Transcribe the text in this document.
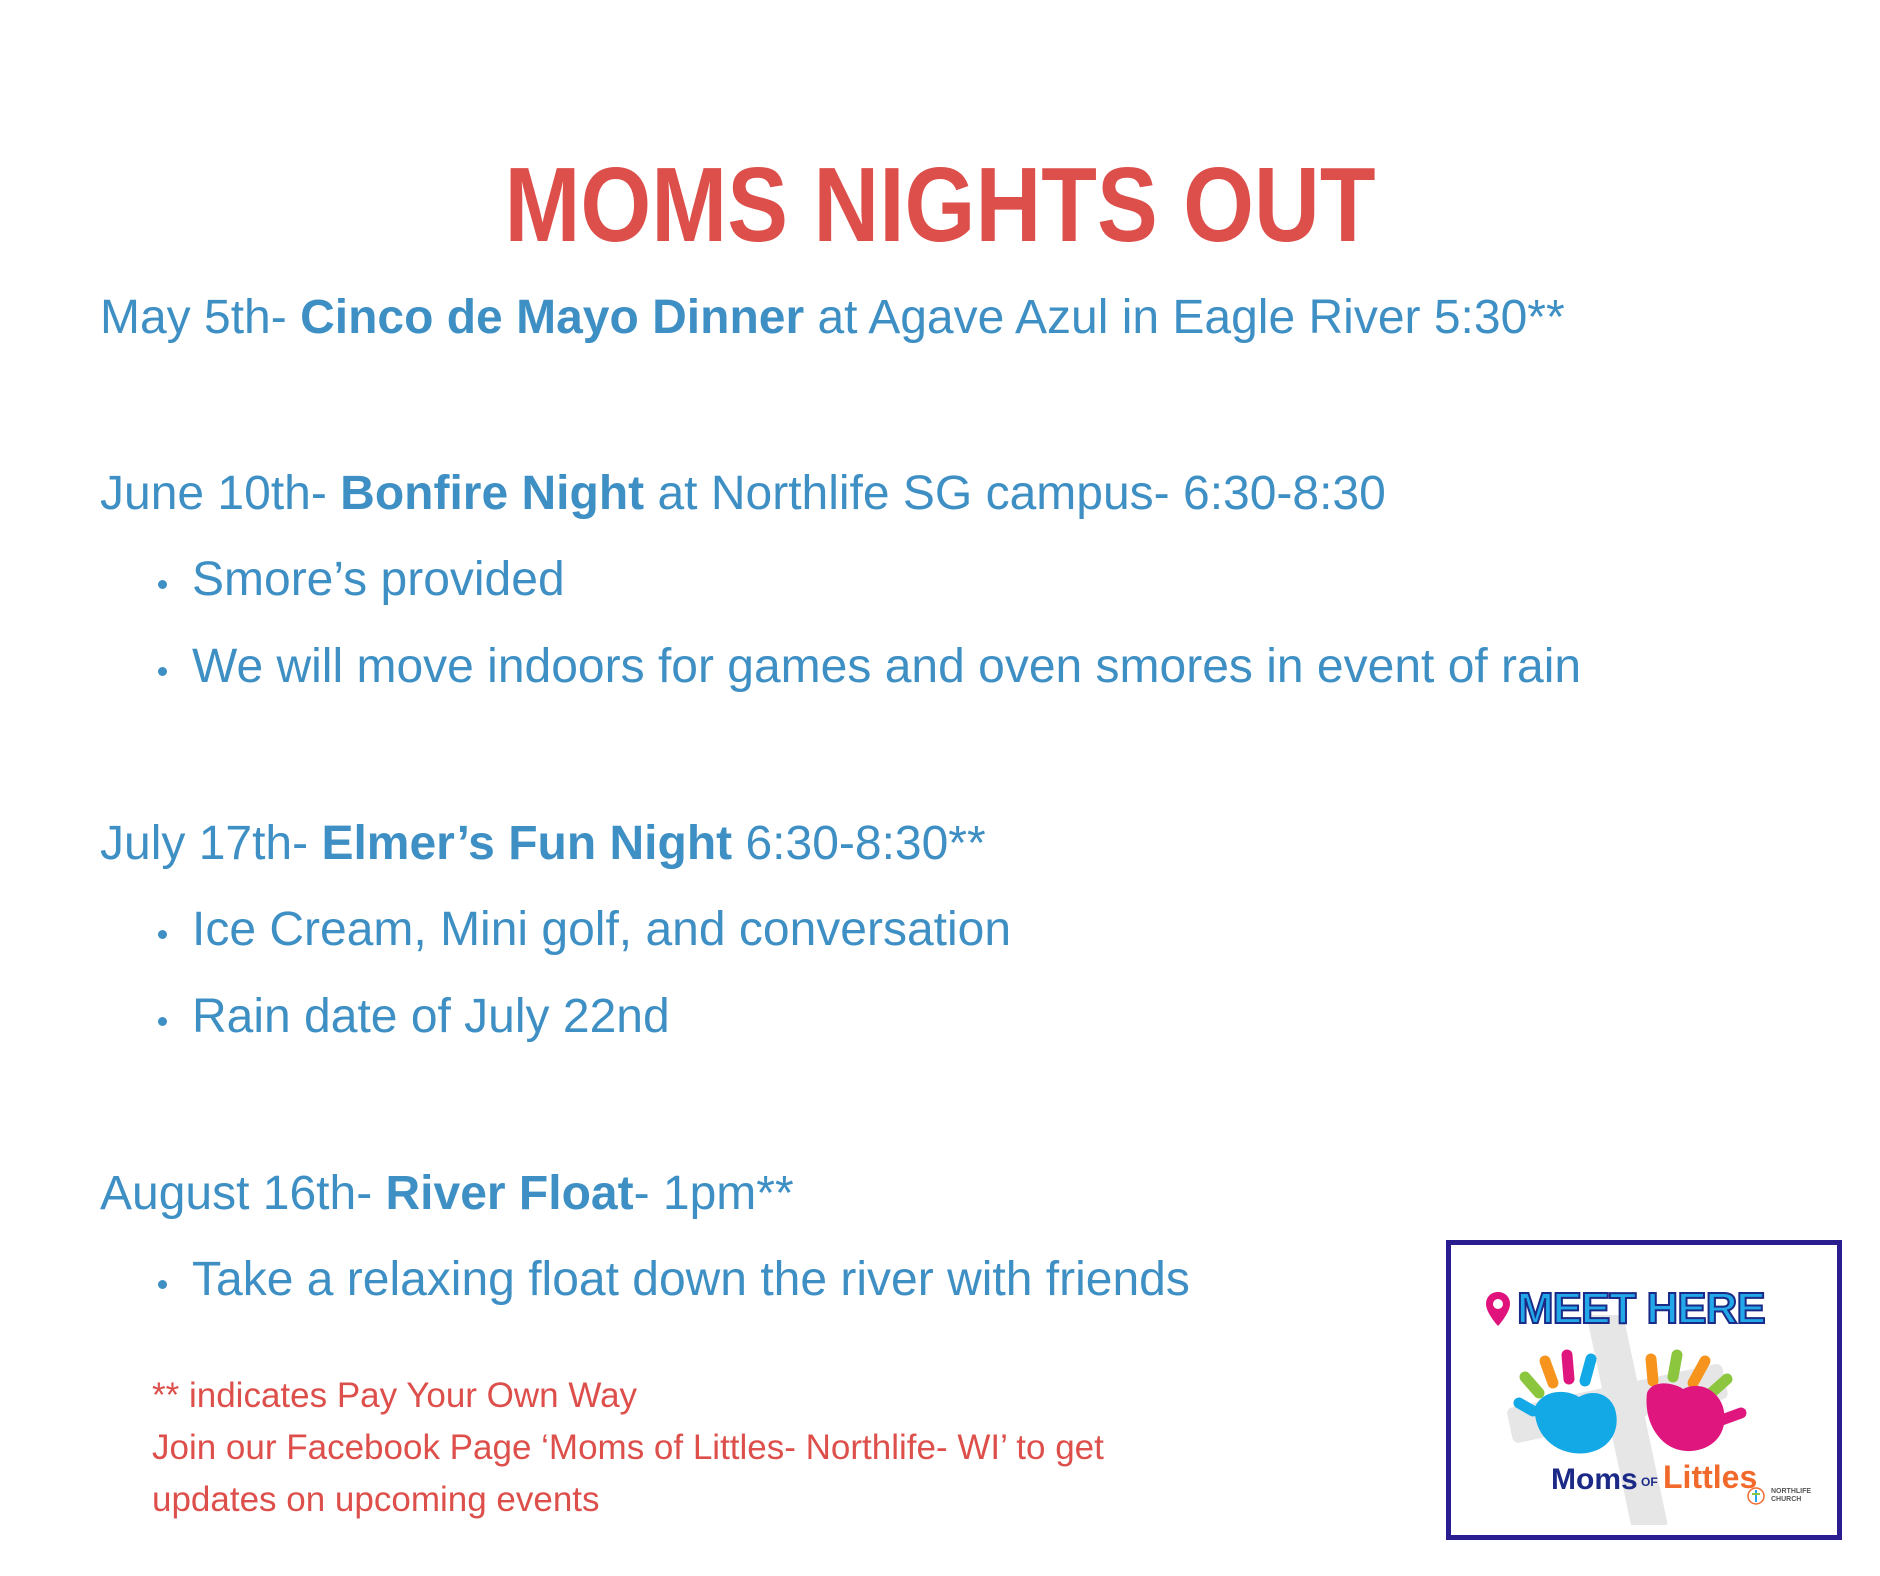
MOMS NIGHTS OUT
May 5th- Cinco de Mayo Dinner at Agave Azul in Eagle River 5:30**
June 10th- Bonfire Night at Northlife SG campus- 6:30-8:30
Smore’s provided
We will move indoors for games and oven smores in event of rain
July 17th- Elmer’s Fun Night 6:30-8:30**
Ice Cream, Mini golf, and conversation
Rain date of July 22nd
August 16th- River Float- 1pm**
Take a relaxing float down the river with friends
** indicates Pay Your Own Way
Join our Facebook Page ‘Moms of Littles- Northlife- WI’ to get
updates on upcoming events
MEET HERE
Moms OF Littles	NORTHLIFE
CHURCH
